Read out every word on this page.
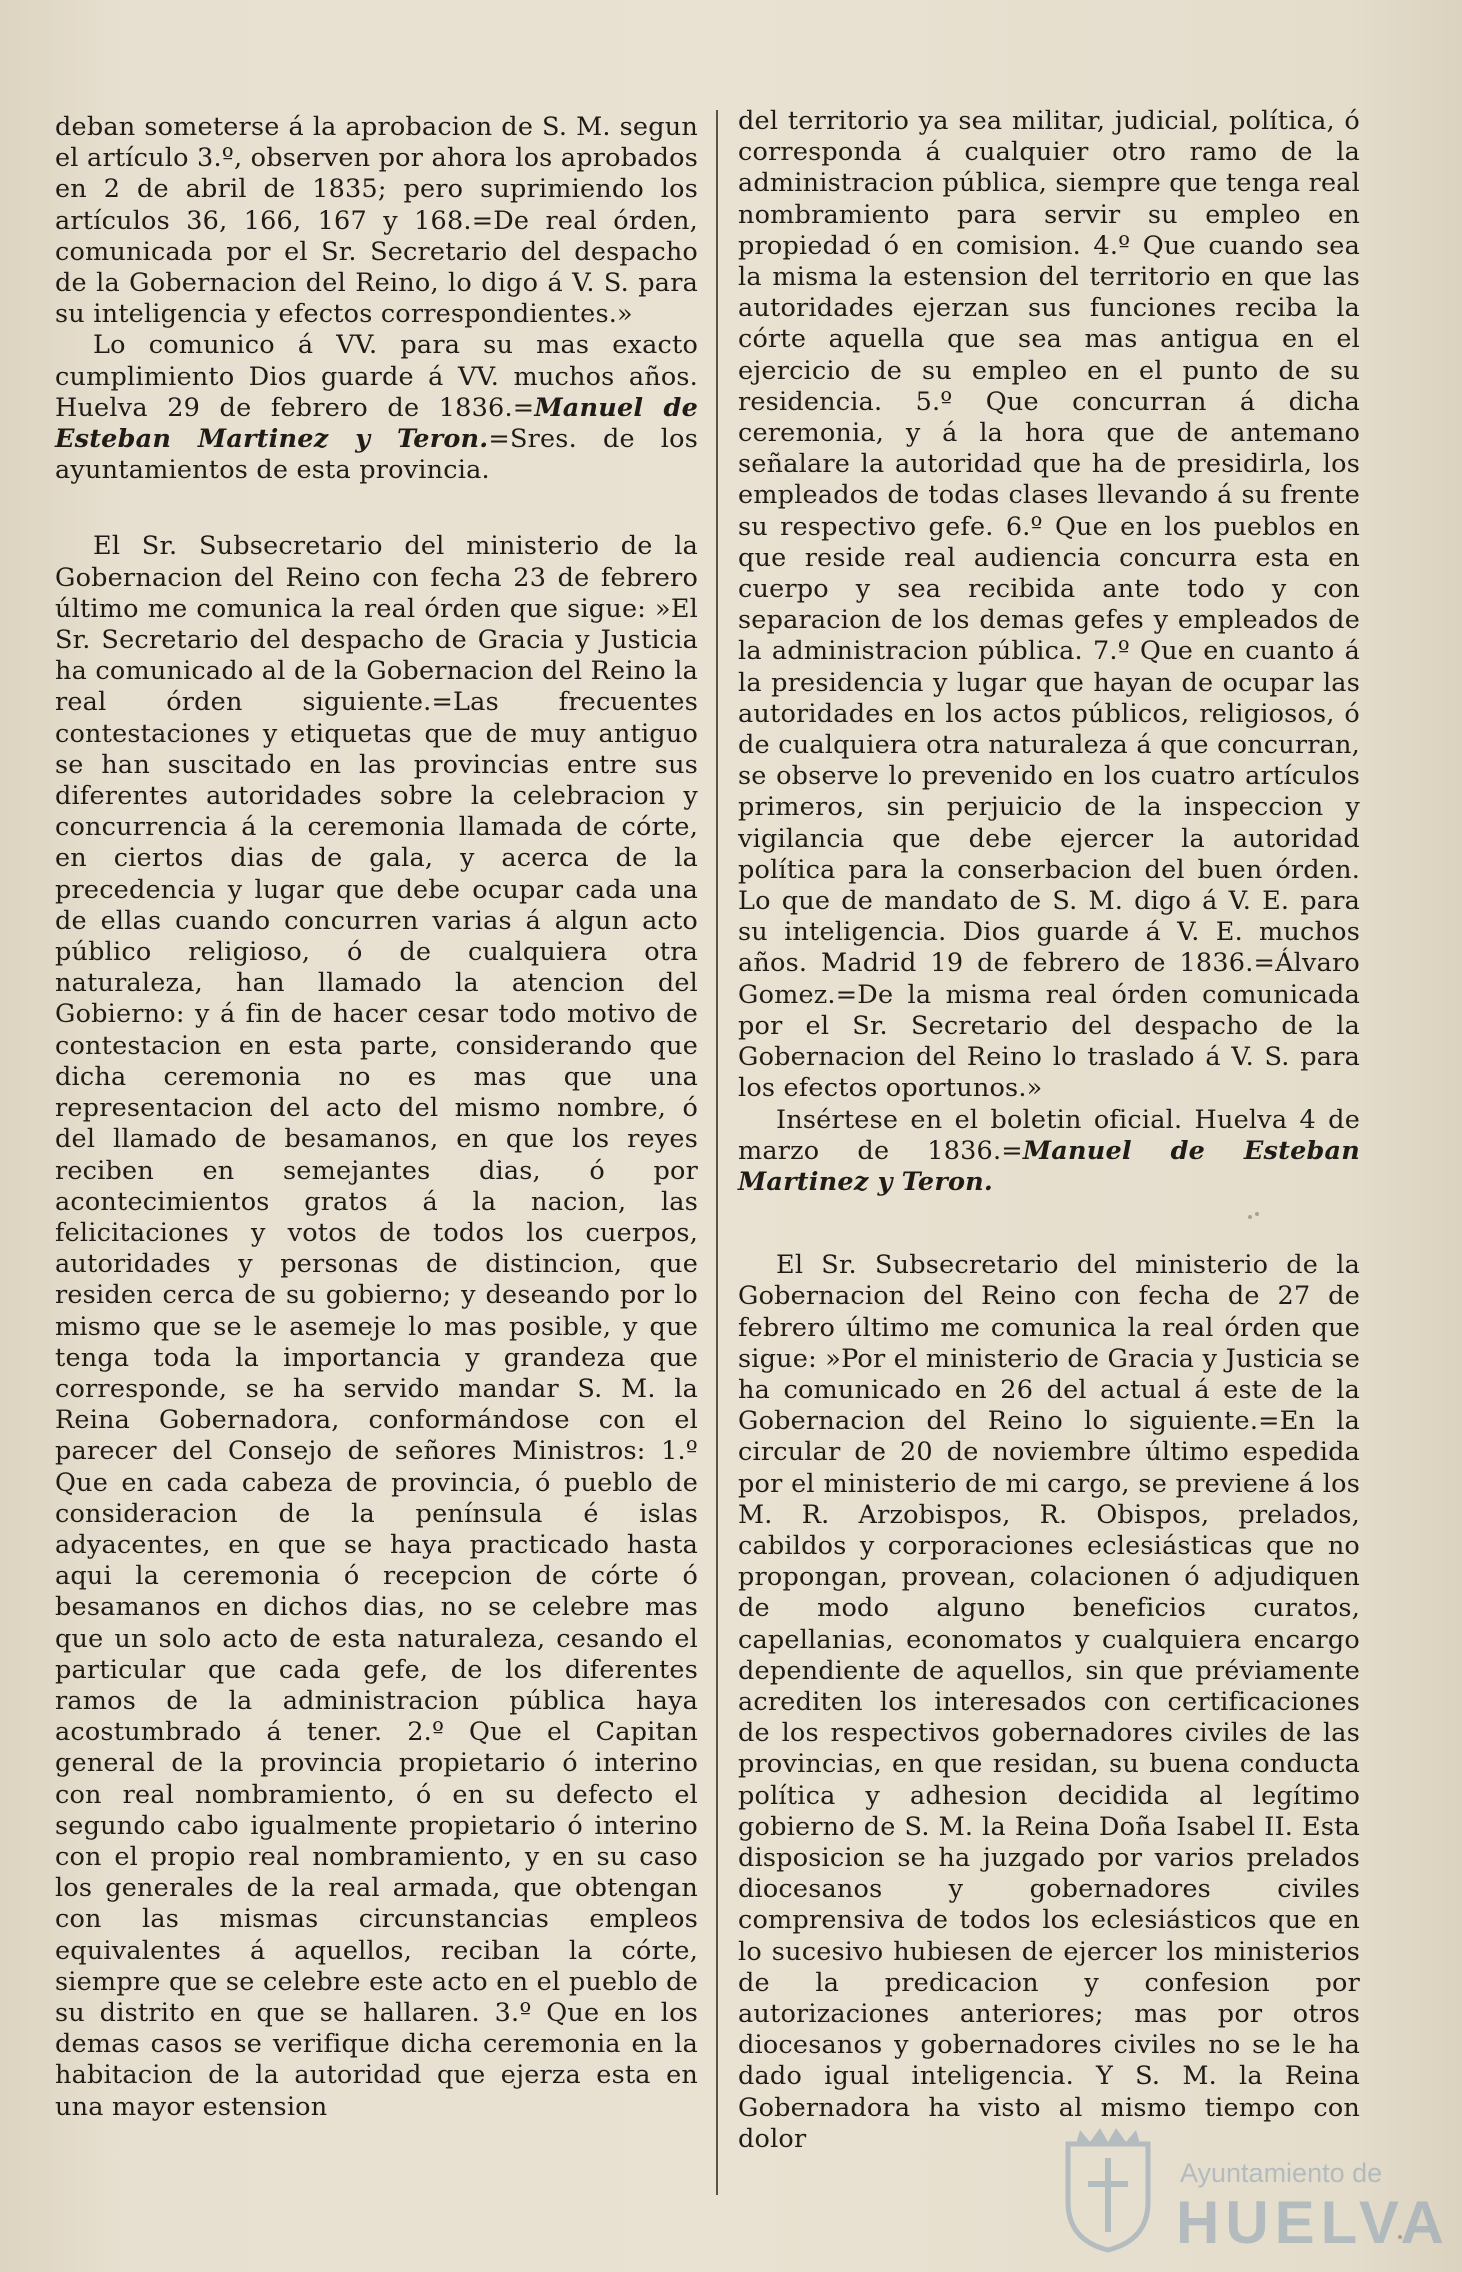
deban someterse á la aprobacion de S. M. segun el artículo 3.º, observen por ahora los aprobados en 2 de abril de 1835; pero suprimiendo los artículos 36, 166, 167 y 168.=De real órden, comunicada por el Sr. Secretario del despacho de la Gobernacion del Reino, lo digo á V. S. para su inteligencia y efectos correspondientes.»

Lo comunico á VV. para su mas exacto cumplimiento Dios guarde á VV. muchos años. Huelva 29 de febrero de 1836.=Manuel de Esteban Martinez y Teron.=Sres. de los ayuntamientos de esta provincia.

El Sr. Subsecretario del ministerio de la Gobernacion del Reino con fecha 23 de febrero último me comunica la real órden que sigue: »El Sr. Secretario del despacho de Gracia y Justicia ha comunicado al de la Gobernacion del Reino la real órden siguiente.=Las frecuentes contestaciones y etiquetas que de muy antiguo se han suscitado en las provincias entre sus diferentes autoridades sobre la celebracion y concurrencia á la ceremonia llamada de córte, en ciertos dias de gala, y acerca de la precedencia y lugar que debe ocupar cada una de ellas cuando concurren varias á algun acto público religioso, ó de cualquiera otra naturaleza, han llamado la atencion del Gobierno: y á fin de hacer cesar todo motivo de contestacion en esta parte, considerando que dicha ceremonia no es mas que una representacion del acto del mismo nombre, ó del llamado de besamanos, en que los reyes reciben en semejantes dias, ó por acontecimientos gratos á la nacion, las felicitaciones y votos de todos los cuerpos, autoridades y personas de distincion, que residen cerca de su gobierno; y deseando por lo mismo que se le asemeje lo mas posible, y que tenga toda la importancia y grandeza que corresponde, se ha servido mandar S. M. la Reina Gobernadora, conformándose con el parecer del Consejo de señores Ministros: 1.º Que en cada cabeza de provincia, ó pueblo de consideracion de la península é islas adyacentes, en que se haya practicado hasta aqui la ceremonia ó recepcion de córte ó besamanos en dichos dias, no se celebre mas que un solo acto de esta naturaleza, cesando el particular que cada gefe, de los diferentes ramos de la administracion pública haya acostumbrado á tener. 2.º Que el Capitan general de la provincia propietario ó interino con real nombramiento, ó en su defecto el segundo cabo igualmente propietario ó interino con el propio real nombramiento, y en su caso los generales de la real armada, que obtengan con las mismas circunstancias empleos equivalentes á aquellos, reciban la córte, siempre que se celebre este acto en el pueblo de su distrito en que se hallaren. 3.º Que en los demas casos se verifique dicha ceremonia en la habitacion de la autoridad que ejerza esta en una mayor estension

del territorio ya sea militar, judicial, política, ó corresponda á cualquier otro ramo de la administracion pública, siempre que tenga real nombramiento para servir su empleo en propiedad ó en comision. 4.º Que cuando sea la misma la estension del territorio en que las autoridades ejerzan sus funciones reciba la córte aquella que sea mas antigua en el ejercicio de su empleo en el punto de su residencia. 5.º Que concurran á dicha ceremonia, y á la hora que de antemano señalare la autoridad que ha de presidirla, los empleados de todas clases llevando á su frente su respectivo gefe. 6.º Que en los pueblos en que reside real audiencia concurra esta en cuerpo y sea recibida ante todo y con separacion de los demas gefes y empleados de la administracion pública. 7.º Que en cuanto á la presidencia y lugar que hayan de ocupar las autoridades en los actos públicos, religiosos, ó de cualquiera otra naturaleza á que concurran, se observe lo prevenido en los cuatro artículos primeros, sin perjuicio de la inspeccion y vigilancia que debe ejercer la autoridad política para la conserbacion del buen órden. Lo que de mandato de S. M. digo á V. E. para su inteligencia. Dios guarde á V. E. muchos años. Madrid 19 de febrero de 1836.=Álvaro Gomez.=De la misma real órden comunicada por el Sr. Secretario del despacho de la Gobernacion del Reino lo traslado á V. S. para los efectos oportunos.»

Insértese en el boletin oficial. Huelva 4 de marzo de 1836.=Manuel de Esteban Martinez y Teron.

El Sr. Subsecretario del ministerio de la Gobernacion del Reino con fecha de 27 de febrero último me comunica la real órden que sigue: »Por el ministerio de Gracia y Justicia se ha comunicado en 26 del actual á este de la Gobernacion del Reino lo siguiente.=En la circular de 20 de noviembre último espedida por el ministerio de mi cargo, se previene á los M. R. Arzobispos, R. Obispos, prelados, cabildos y corporaciones eclesiásticas que no propongan, provean, colacionen ó adjudiquen de modo alguno beneficios curatos, capellanias, economatos y cualquiera encargo dependiente de aquellos, sin que préviamente acrediten los interesados con certificaciones de los respectivos gobernadores civiles de las provincias, en que residan, su buena conducta política y adhesion decidida al legítimo gobierno de S. M. la Reina Doña Isabel II. Esta disposicion se ha juzgado por varios prelados diocesanos y gobernadores civiles comprensiva de todos los eclesiásticos que en lo sucesivo hubiesen de ejercer los ministerios de la predicacion y confesion por autorizaciones anteriores; mas por otros diocesanos y gobernadores civiles no se le ha dado igual inteligencia. Y S. M. la Reina Gobernadora ha visto al mismo tiempo con dolor

Ayuntamiento de
HUELVA
